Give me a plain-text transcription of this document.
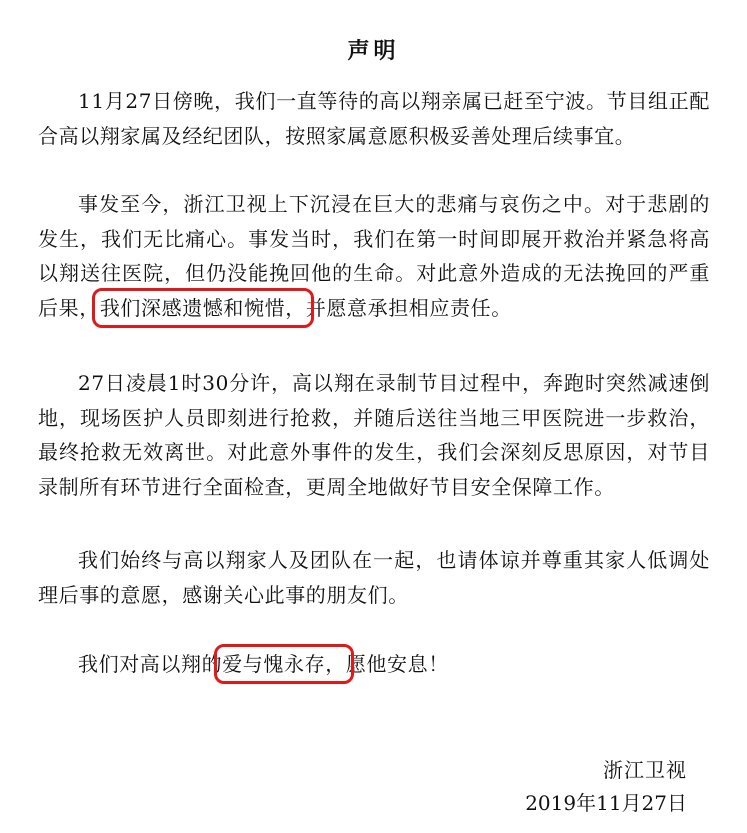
声明

11月27日傍晚，我们一直等待的高以翔亲属已赶至宁波。节目组正配合高以翔家属及经纪团队，按照家属意愿积极妥善处理后续事宜。

事发至今，浙江卫视上下沉浸在巨大的悲痛与哀伤之中。对于悲剧的发生，我们无比痛心。事发当时，我们在第一时间即展开救治并紧急将高以翔送往医院，但仍没能挽回他的生命。对此意外造成的无法挽回的严重后果，我们深感遗憾和惋惜，并愿意承担相应责任。

27日凌晨1时30分许，高以翔在录制节目过程中，奔跑时突然减速倒地，现场医护人员即刻进行抢救，并随后送往当地三甲医院进一步救治，最终抢救无效离世。对此意外事件的发生，我们会深刻反思原因，对节目录制所有环节进行全面检查，更周全地做好节目安全保障工作。

我们始终与高以翔家人及团队在一起，也请体谅并尊重其家人低调处理后事的意愿，感谢关心此事的朋友们。

我们对高以翔的爱与愧永存，愿他安息！

浙江卫视

2019年11月27日
